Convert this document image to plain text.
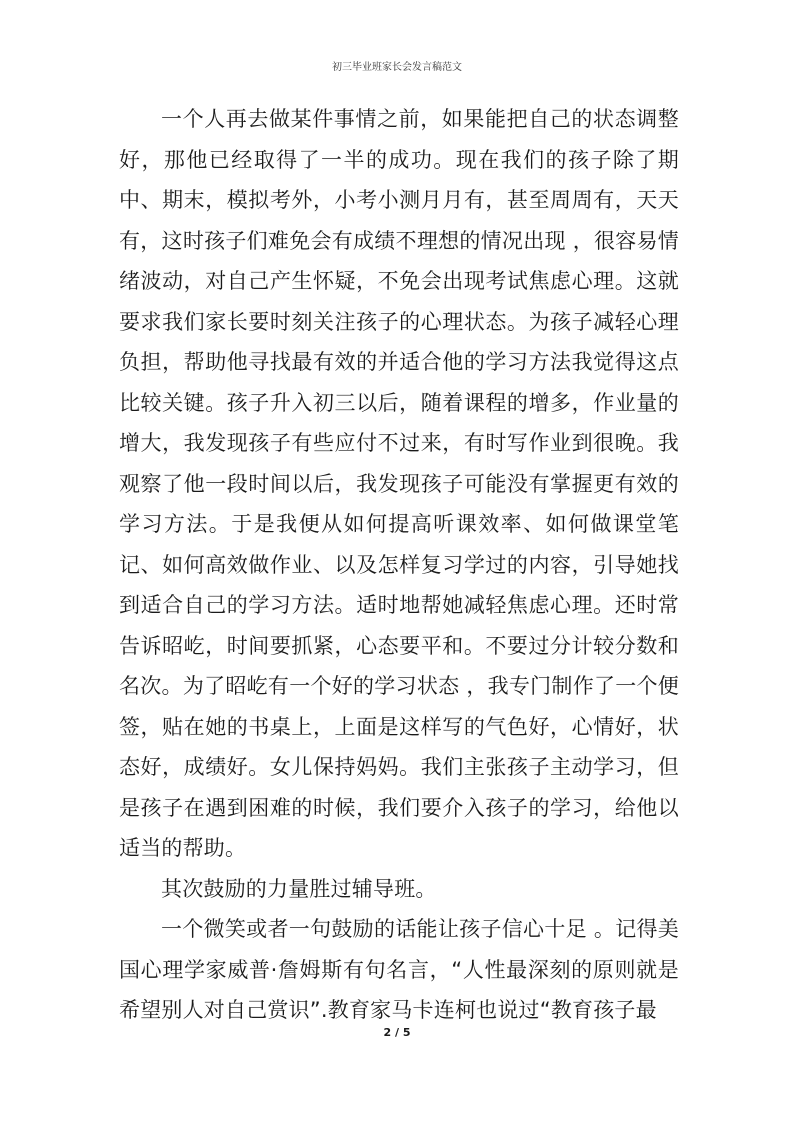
初三毕业班家长会发言稿范文

一个人再去做某件事情之前，如果能把自己的状态调整好，那他已经取得了一半的成功。现在我们的孩子除了期中、期末，模拟考外，小考小测月月有，甚至周周有，天天有，这时孩子们难免会有成绩不理想的情况出现 ，很容易情绪波动，对自己产生怀疑，不免会出现考试焦虑心理。这就要求我们家长要时刻关注孩子的心理状态。为孩子减轻心理负担，帮助他寻找最有效的并适合他的学习方法我觉得这点比较关键。孩子升入初三以后，随着课程的增多，作业量的增大，我发现孩子有些应付不过来，有时写作业到很晚。我观察了他一段时间以后，我发现孩子可能没有掌握更有效的学习方法。于是我便从如何提高听课效率、如何做课堂笔记、如何高效做作业、以及怎样复习学过的内容，引导她找到适合自己的学习方法。适时地帮她减轻焦虑心理。还时常告诉昭屹，时间要抓紧，心态要平和。不要过分计较分数和名次。为了昭屹有一个好的学习状态 ，我专门制作了一个便签，贴在她的书桌上，上面是这样写的气色好，心情好，状态好，成绩好。女儿保持妈妈。我们主张孩子主动学习，但是孩子在遇到困难的时候，我们要介入孩子的学习，给他以适当的帮助。

其次鼓励的力量胜过辅导班。

一个微笑或者一句鼓励的话能让孩子信心十足 。记得美国心理学家威普·詹姆斯有句名言，“人性最深刻的原则就是希望别人对自己赏识”.教育家马卡连柯也说过“教育孩子最

2 / 5
